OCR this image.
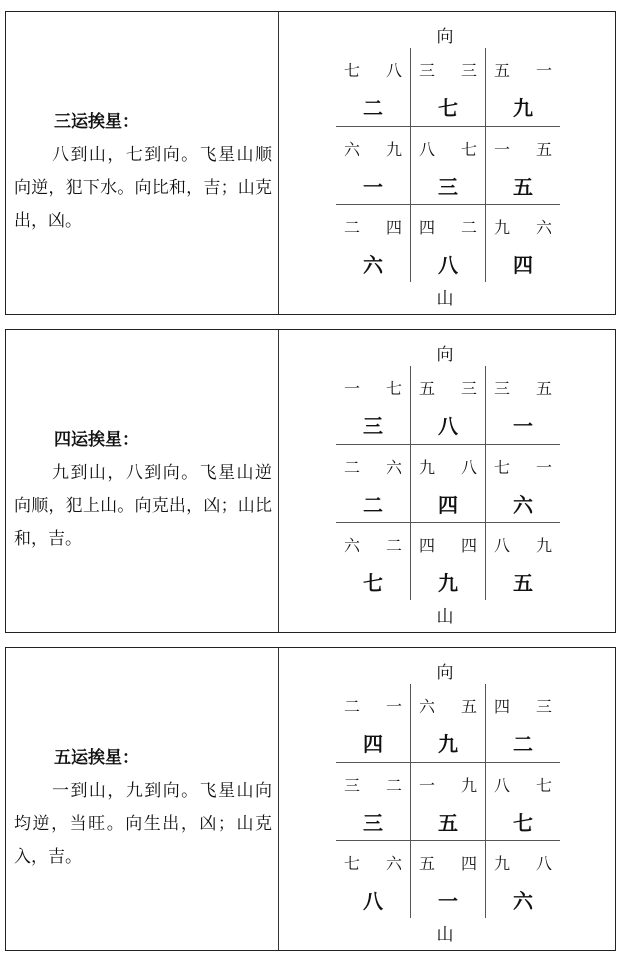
三运挨星：
八到山，七到向。飞星山顺向逆，犯下水。向比和，吉；山克出，凶。
向
七 八
二
三 三
七
五 一
九
六 九
一
八 七
三
一 五
五
二 四
六
四 二
八
九 六
四
山
四运挨星：
九到山，八到向。飞星山逆向顺，犯上山。向克出，凶；山比和，吉。
向
一 七
三
五 三
八
三 五
一
二 六
二
九 八
四
七 一
六
六 二
七
四 四
九
八 九
五
山
五运挨星：
一到山，九到向。飞星山向均逆，当旺。向生出，凶；山克入，吉。
向
二 一
四
六 五
九
四 三
二
三 二
三
一 九
五
八 七
七
七 六
八
五 四
一
九 八
六
山
